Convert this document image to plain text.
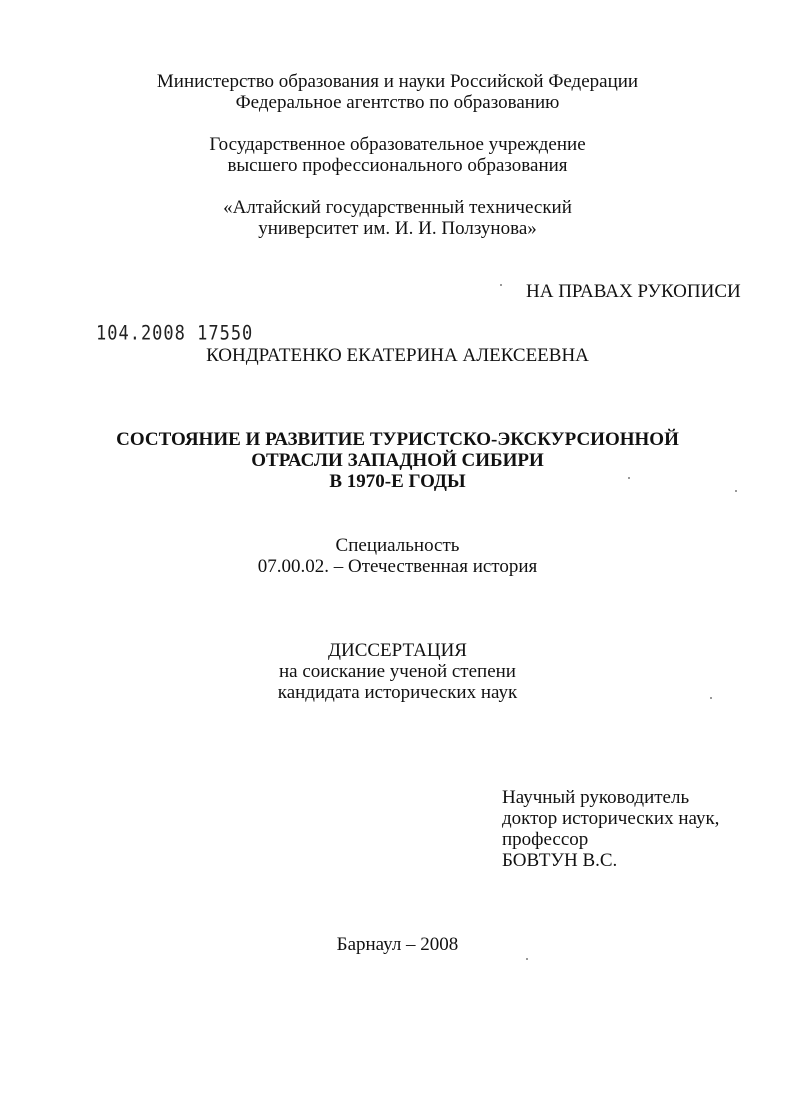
Министерство образования и науки Российской Федерации
Федеральное агентство по образованию
Государственное образовательное учреждение
высшего профессионального образования
«Алтайский государственный технический
университет им. И. И. Ползунова»
НА ПРАВАХ РУКОПИСИ
104.2008 17550
КОНДРАТЕНКО ЕКАТЕРИНА АЛЕКСЕЕВНА
СОСТОЯНИЕ И РАЗВИТИЕ ТУРИСТСКО-ЭКСКУРСИОННОЙ
ОТРАСЛИ ЗАПАДНОЙ СИБИРИ
В 1970-Е ГОДЫ
Специальность
07.00.02. – Отечественная история
ДИССЕРТАЦИЯ
на соискание ученой степени
кандидата исторических наук
Научный руководитель
доктор исторических наук,
профессор
БОВТУН В.С.
Барнаул – 2008
